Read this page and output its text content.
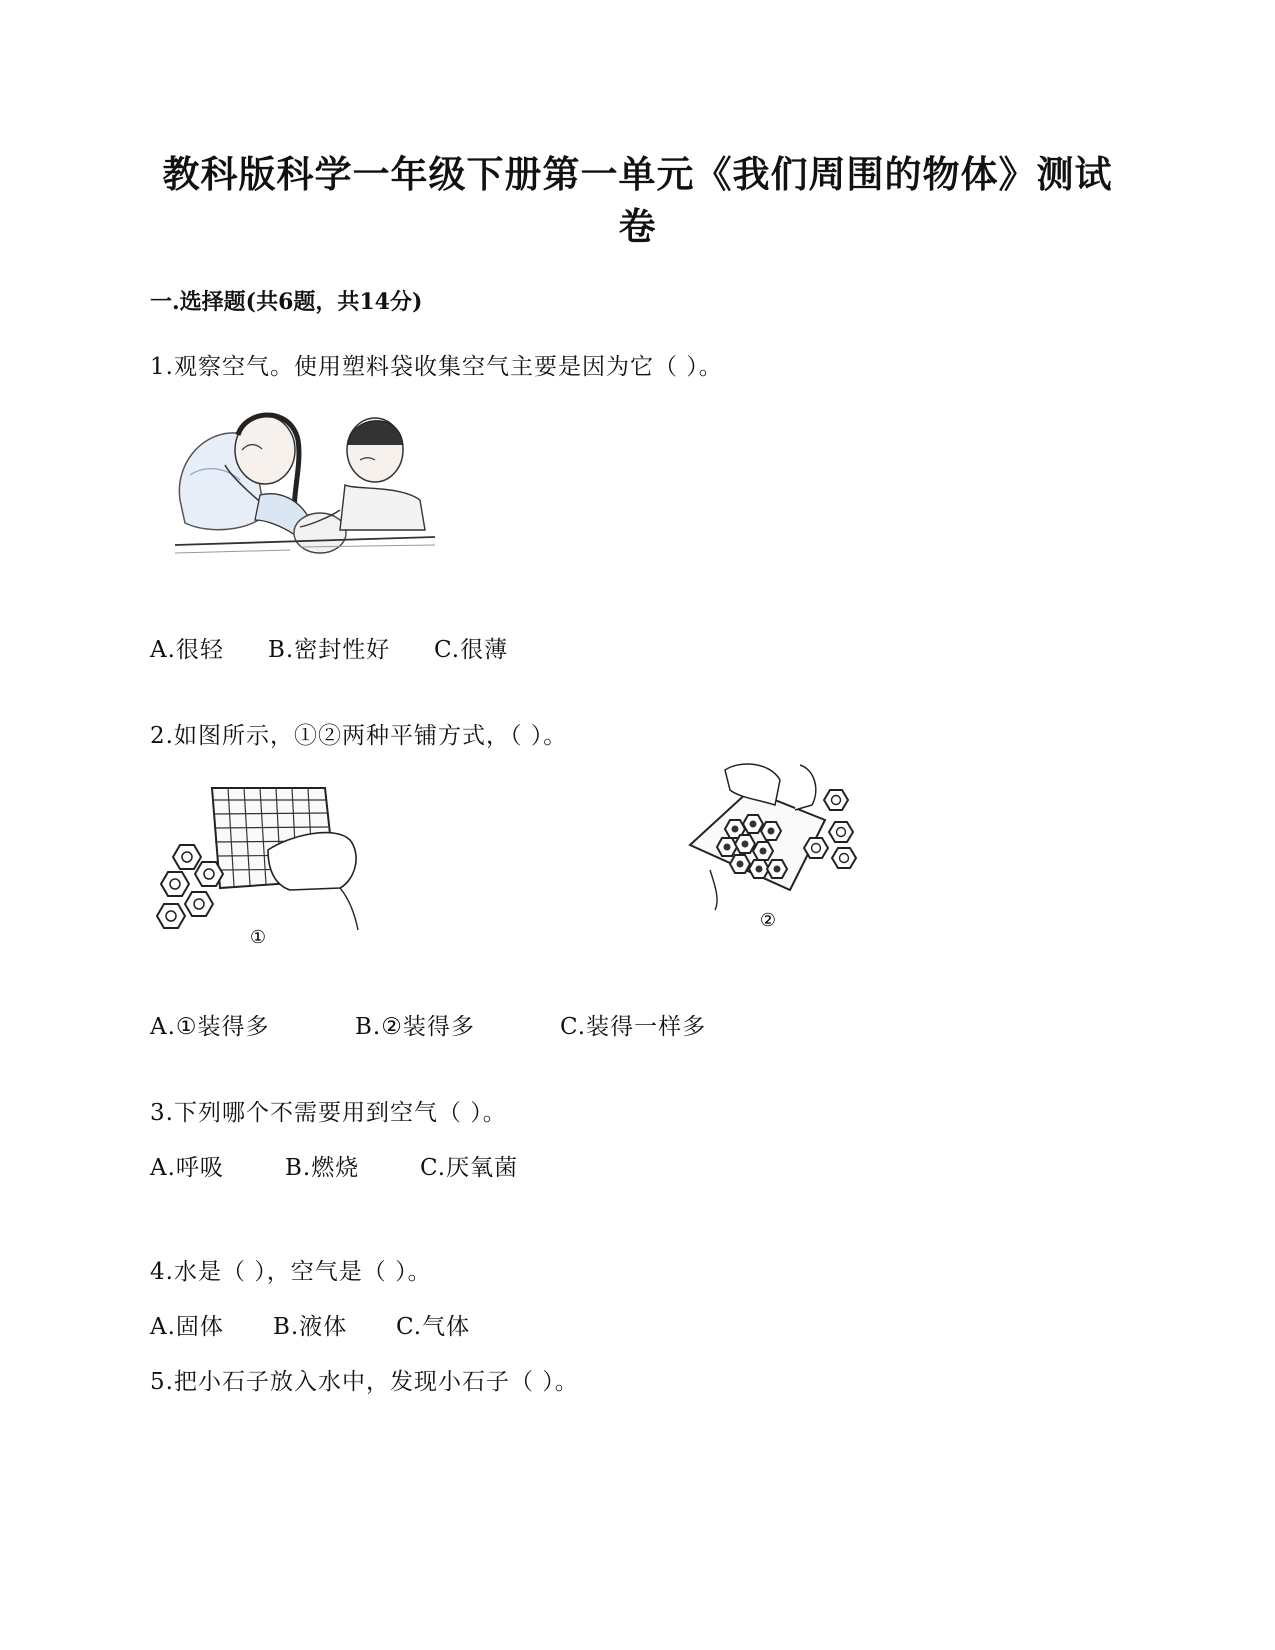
教科版科学一年级下册第一单元《我们周围的物体》测试
卷
一.选择题(共6题，共14分)
1.观察空气。使用塑料袋收集空气主要是因为它（ ）。
A.很轻 B.密封性好 C.很薄
2.如图所示，①②两种平铺方式，（ ）。
①
②
A.①装得多	B.②装得多	C.装得一样多
3.下列哪个不需要用到空气（ ）。
A.呼吸	B.燃烧	C.厌氧菌
4.水是（ ），空气是（ ）。
A.固体 B.液体 C.气体
5.把小石子放入水中，发现小石子（ ）。
